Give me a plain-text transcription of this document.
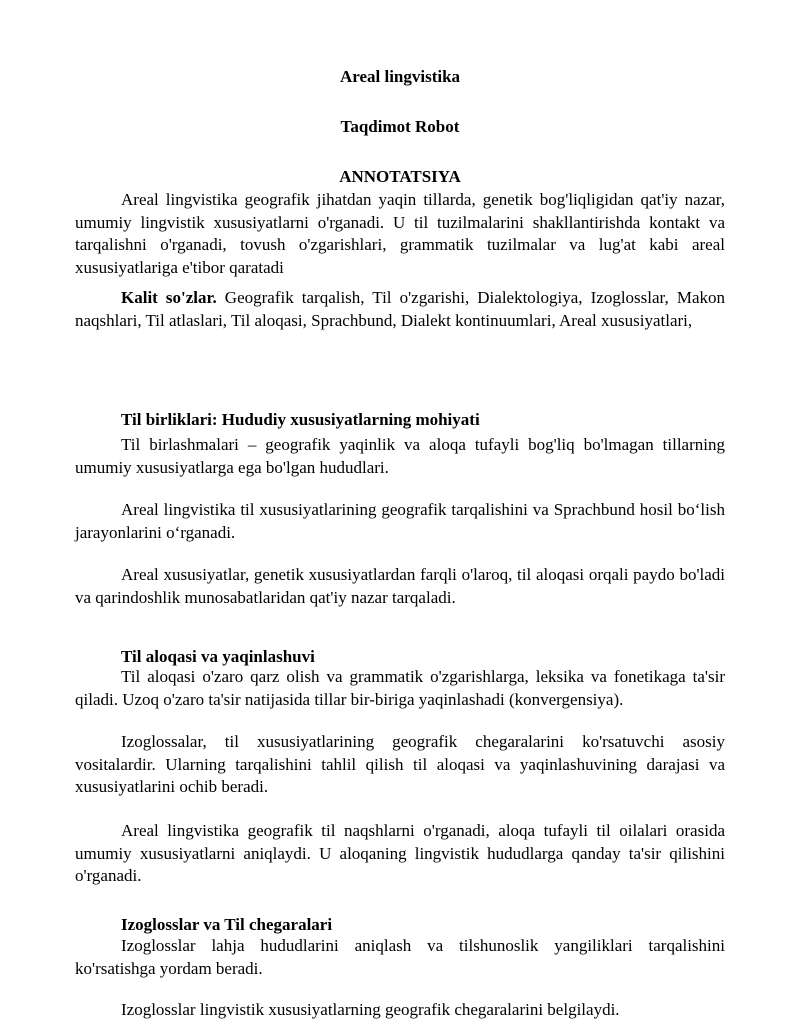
Areal lingvistika
Taqdimot Robot
ANNOTATSIYA
Areal lingvistika geografik jihatdan yaqin tillarda, genetik bog'liqligidan qat'iy nazar, umumiy lingvistik xususiyatlarni o'rganadi. U til tuzilmalarini shakllantirishda kontakt va tarqalishni o'rganadi, tovush o'zgarishlari, grammatik tuzilmalar va lug'at kabi areal xususiyatlariga e'tibor qaratadi
Kalit so'zlar. Geografik tarqalish, Til o'zgarishi, Dialektologiya, Izoglosslar, Makon naqshlari, Til atlaslari, Til aloqasi, Sprachbund, Dialekt kontinuumlari, Areal xususiyatlari,
Til birliklari: Hududiy xususiyatlarning mohiyati
Til birlashmalari – geografik yaqinlik va aloqa tufayli bog'liq bo'lmagan tillarning umumiy xususiyatlarga ega bo'lgan hududlari.
Areal lingvistika til xususiyatlarining geografik tarqalishini va Sprachbund hosil bo‘lish jarayonlarini o‘rganadi.
Areal xususiyatlar, genetik xususiyatlardan farqli o'laroq, til aloqasi orqali paydo bo'ladi va qarindoshlik munosabatlaridan qat'iy nazar tarqaladi.
Til aloqasi va yaqinlashuvi
Til aloqasi o'zaro qarz olish va grammatik o'zgarishlarga, leksika va fonetikaga ta'sir qiladi. Uzoq o'zaro ta'sir natijasida tillar bir-biriga yaqinlashadi (konvergensiya).
Izoglossalar, til xususiyatlarining geografik chegaralarini ko'rsatuvchi asosiy vositalardir. Ularning tarqalishini tahlil qilish til aloqasi va yaqinlashuvining darajasi va xususiyatlarini ochib beradi.
Areal lingvistika geografik til naqshlarni o'rganadi, aloqa tufayli til oilalari orasida umumiy xususiyatlarni aniqlaydi. U aloqaning lingvistik hududlarga qanday ta'sir qilishini o'rganadi.
Izoglosslar va Til chegaralari
Izoglosslar lahja hududlarini aniqlash va tilshunoslik yangiliklari tarqalishini ko'rsatishga yordam beradi.
Izoglosslar lingvistik xususiyatlarning geografik chegaralarini belgilaydi.
